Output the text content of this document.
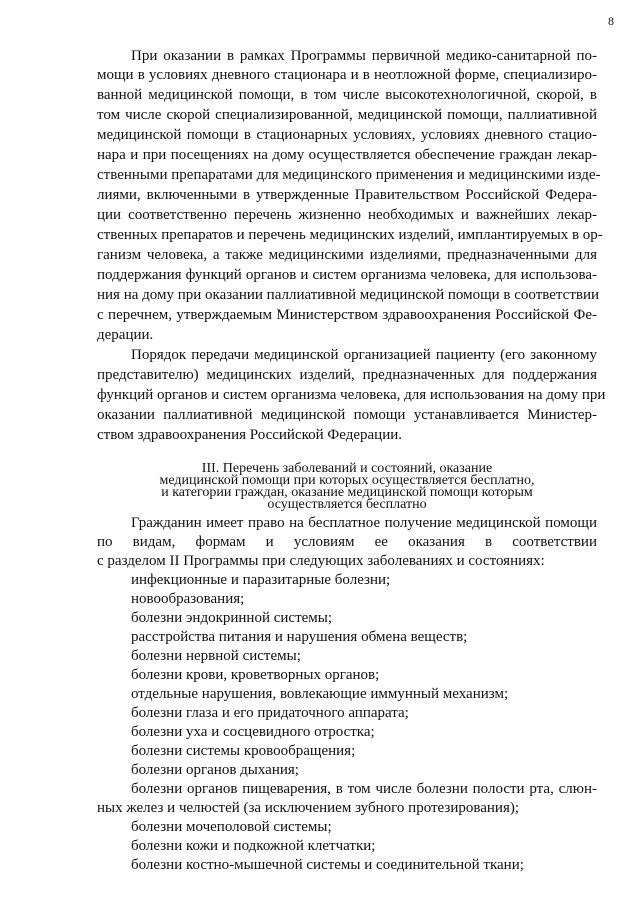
8
При оказании в рамках Программы первичной медико-санитарной по-
мощи в условиях дневного стационара и в неотложной форме, специализиро-
ванной медицинской помощи, в том числе высокотехнологичной, скорой, в
том числе скорой специализированной, медицинской помощи, паллиативной
медицинской помощи в стационарных условиях, условиях дневного стацио-
нара и при посещениях на дому осуществляется обеспечение граждан лекар-
ственными препаратами для медицинского применения и медицинскими изде-
лиями, включенными в утвержденные Правительством Российской Федера-
ции соответственно перечень жизненно необходимых и важнейших лекар-
ственных препаратов и перечень медицинских изделий, имплантируемых в ор-
ганизм человека, а также медицинскими изделиями, предназначенными для
поддержания функций органов и систем организма человека, для использова-
ния на дому при оказании паллиативной медицинской помощи в соответствии
с перечнем, утверждаемым Министерством здравоохранения Российской Фе-
дерации.
Порядок передачи медицинской организацией пациенту (его законному
представителю) медицинских изделий, предназначенных для поддержания
функций органов и систем организма человека, для использования на дому при
оказании паллиативной медицинской помощи устанавливается Министер-
ством здравоохранения Российской Федерации.
III. Перечень заболеваний и состояний, оказание
медицинской помощи при которых осуществляется бесплатно,
и категории граждан, оказание медицинской помощи которым
осуществляется бесплатно
Гражданин имеет право на бесплатное получение медицинской помощи
по видам, формам и условиям ее оказания в соответствии
с разделом II Программы при следующих заболеваниях и состояниях:
инфекционные и паразитарные болезни;
новообразования;
болезни эндокринной системы;
расстройства питания и нарушения обмена веществ;
болезни нервной системы;
болезни крови, кроветворных органов;
отдельные нарушения, вовлекающие иммунный механизм;
болезни глаза и его придаточного аппарата;
болезни уха и сосцевидного отростка;
болезни системы кровообращения;
болезни органов дыхания;
болезни органов пищеварения, в том числе болезни полости рта, слюн-
ных желез и челюстей (за исключением зубного протезирования);
болезни мочеполовой системы;
болезни кожи и подкожной клетчатки;
болезни костно-мышечной системы и соединительной ткани;
